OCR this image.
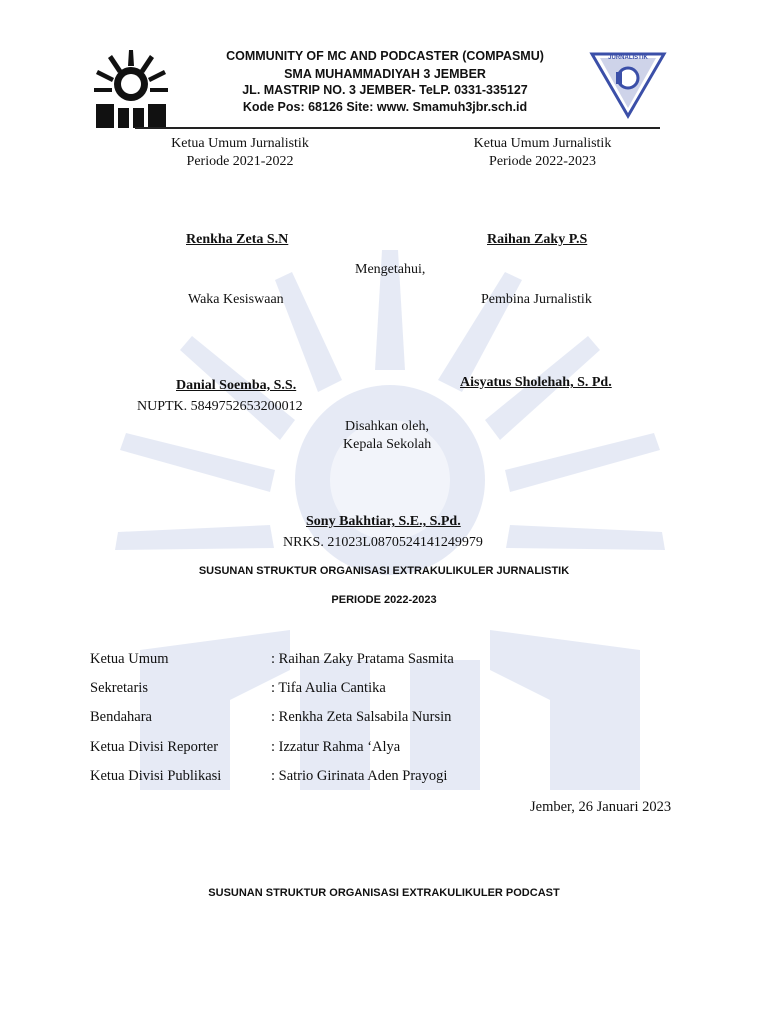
COMMUNITY OF MC AND PODCASTER (COMPASMU)
SMA MUHAMMADIYAH 3 JEMBER
JL. MASTRIP NO. 3 JEMBER- TeLP. 0331-335127
Kode Pos: 68126 Site: www. Smamuh3jbr.sch.id
JURNALISTIK
Ketua Umum Jurnalistik
Periode 2021-2022
Ketua Umum Jurnalistik
Periode 2022-2023
Renkha Zeta S.N	Raihan Zaky P.S
Mengetahui,
Waka Kesiswaan	Pembina Jurnalistik
Danial Soemba, S.S.
NUPTK. 5849752653200012
Aisyatus Sholehah, S. Pd.
Disahkan oleh,
Kepala Sekolah
Sony Bakhtiar, S.E., S.Pd.
NRKS. 21023L0870524141249979
SUSUNAN STRUKTUR ORGANISASI EXTRAKULIKULER JURNALISTIK
PERIODE 2022-2023
Ketua Umum	: Raihan Zaky Pratama Sasmita
Sekretaris	: Tifa Aulia Cantika
Bendahara	: Renkha Zeta Salsabila Nursin
Ketua Divisi Reporter	: Izzatur Rahma ‘Alya
Ketua Divisi Publikasi	: Satrio Girinata Aden Prayogi
Jember, 26 Januari 2023
SUSUNAN STRUKTUR ORGANISASI EXTRAKULIKULER PODCAST
